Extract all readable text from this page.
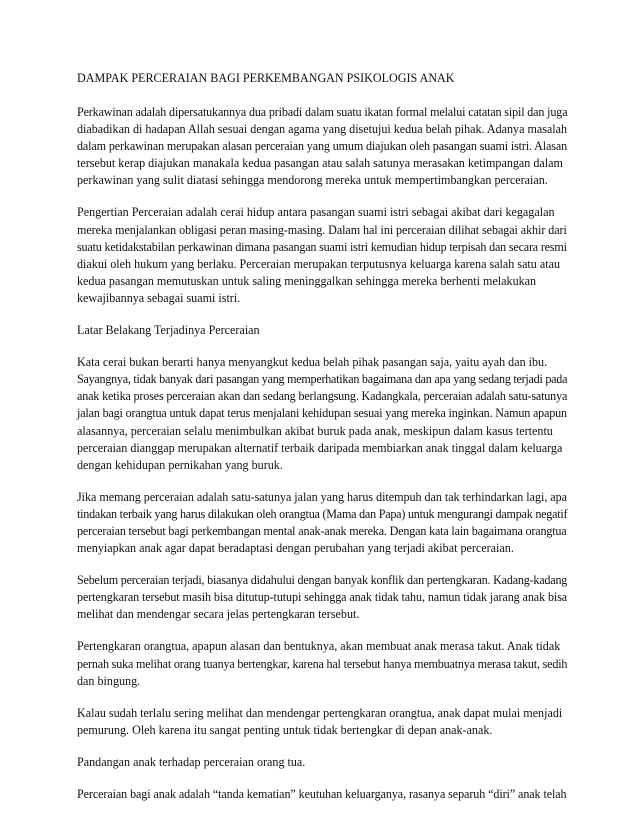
DAMPAK PERCERAIAN BAGI PERKEMBANGAN PSIKOLOGIS ANAK
Perkawinan adalah dipersatukannya dua pribadi dalam suatu ikatan formal melalui catatan sipil dan juga
diabadikan di hadapan Allah sesuai dengan agama yang disetujui kedua belah pihak. Adanya masalah
dalam perkawinan merupakan alasan perceraian yang umum diajukan oleh pasangan suami istri. Alasan
tersebut kerap diajukan manakala kedua pasangan atau salah satunya merasakan ketimpangan dalam
perkawinan yang sulit diatasi sehingga mendorong mereka untuk mempertimbangkan perceraian.
Pengertian Perceraian adalah cerai hidup antara pasangan suami istri sebagai akibat dari kegagalan
mereka menjalankan obligasi peran masing-masing. Dalam hal ini perceraian dilihat sebagai akhir dari
suatu ketidakstabilan perkawinan dimana pasangan suami istri kemudian hidup terpisah dan secara resmi
diakui oleh hukum yang berlaku. Perceraian merupakan terputusnya keluarga karena salah satu atau
kedua pasangan memutuskan untuk saling meninggalkan sehingga mereka berhenti melakukan
kewajibannya sebagai suami istri.
Latar Belakang Terjadinya Perceraian
Kata cerai bukan berarti hanya menyangkut kedua belah pihak pasangan saja, yaitu ayah dan ibu.
Sayangnya, tidak banyak dari pasangan yang memperhatikan bagaimana dan apa yang sedang terjadi pada
anak ketika proses perceraian akan dan sedang berlangsung. Kadangkala, perceraian adalah satu-satunya
jalan bagi orangtua untuk dapat terus menjalani kehidupan sesuai yang mereka inginkan. Namun apapun
alasannya, perceraian selalu menimbulkan akibat buruk pada anak, meskipun dalam kasus tertentu
perceraian dianggap merupakan alternatif terbaik daripada membiarkan anak tinggal dalam keluarga
dengan kehidupan pernikahan yang buruk.
Jika memang perceraian adalah satu-satunya jalan yang harus ditempuh dan tak terhindarkan lagi, apa
tindakan terbaik yang harus dilakukan oleh orangtua (Mama dan Papa) untuk mengurangi dampak negatif
perceraian tersebut bagi perkembangan mental anak-anak mereka. Dengan kata lain bagaimana orangtua
menyiapkan anak agar dapat beradaptasi dengan perubahan yang terjadi akibat perceraian.
Sebelum perceraian terjadi, biasanya didahului dengan banyak konflik dan pertengkaran. Kadang-kadang
pertengkaran tersebut masih bisa ditutup-tutupi sehingga anak tidak tahu, namun tidak jarang anak bisa
melihat dan mendengar secara jelas pertengkaran tersebut.
Pertengkaran orangtua, apapun alasan dan bentuknya, akan membuat anak merasa takut. Anak tidak
pernah suka melihat orang tuanya bertengkar, karena hal tersebut hanya membuatnya merasa takut, sedih
dan bingung.
Kalau sudah terlalu sering melihat dan mendengar pertengkaran orangtua, anak dapat mulai menjadi
pemurung. Oleh karena itu sangat penting untuk tidak bertengkar di depan anak-anak.
Pandangan anak terhadap perceraian orang tua.
Perceraian bagi anak adalah “tanda kematian” keutuhan keluarganya, rasanya separuh “diri” anak telah
